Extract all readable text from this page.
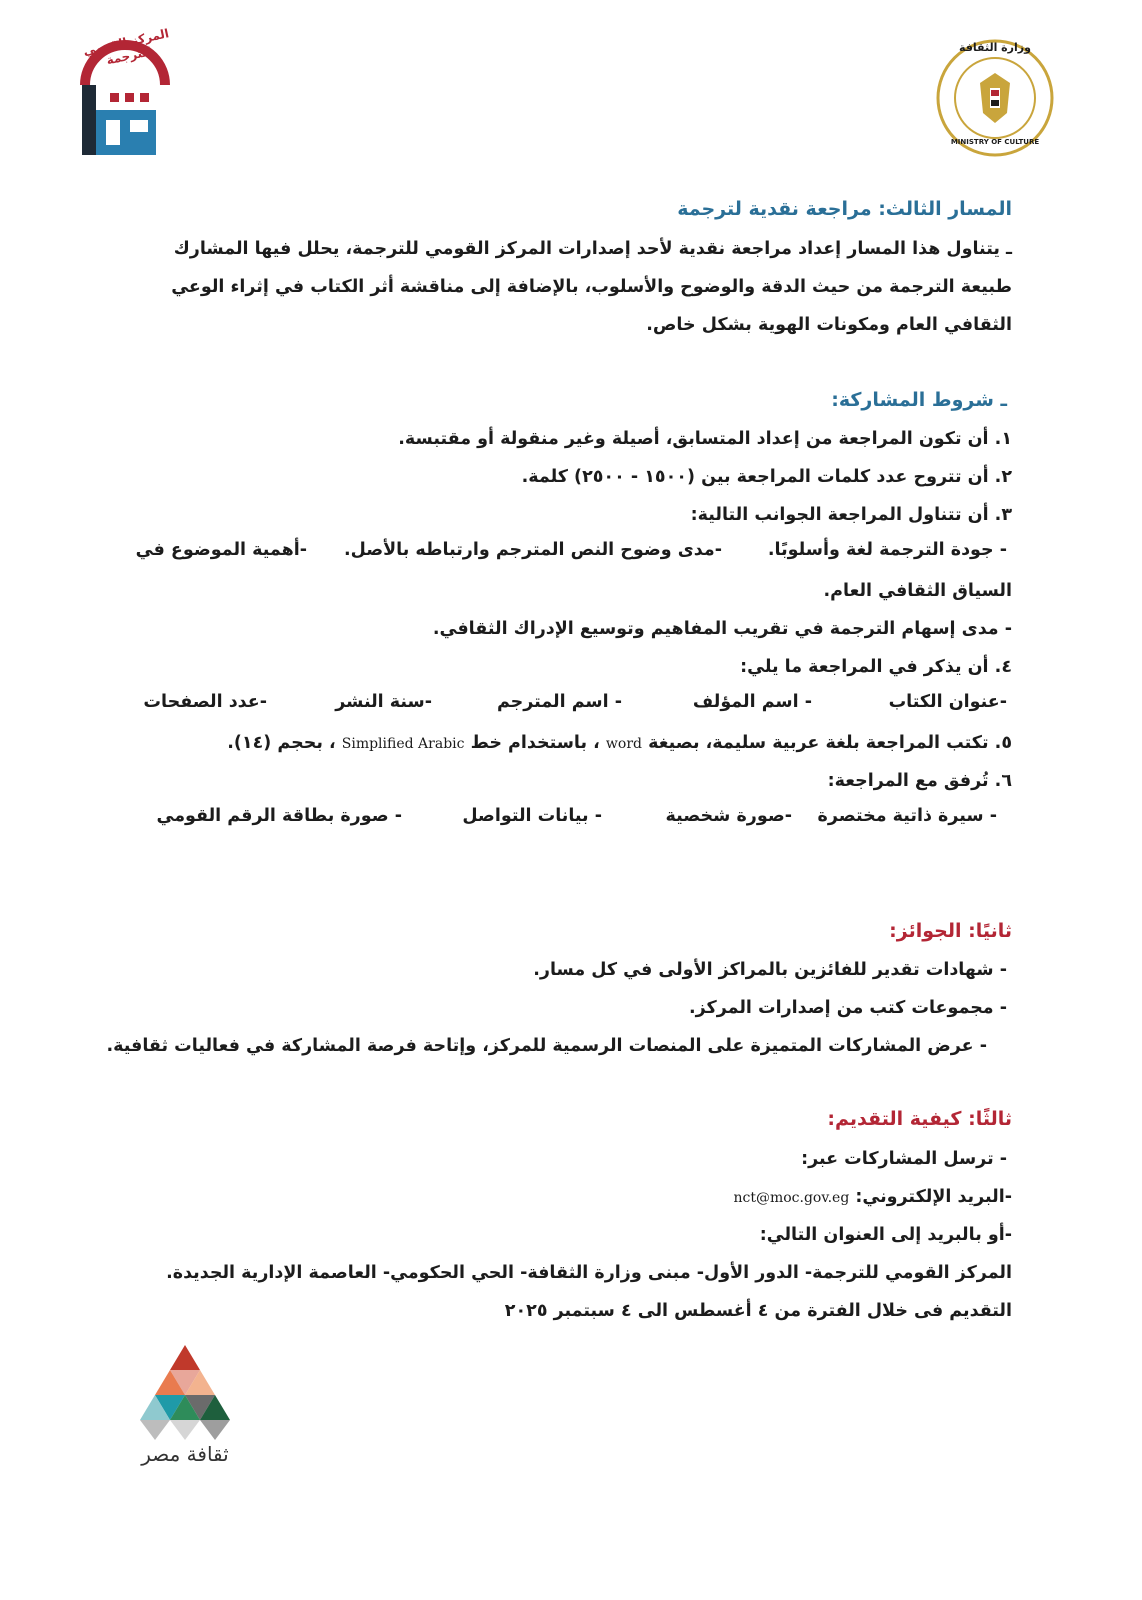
المركز القومي للترجمة	وزارة الثقافة
MINISTRY OF CULTURE
المسار الثالث: مراجعة نقدية لترجمة
ـ يتناول هذا المسار إعداد مراجعة نقدية لأحد إصدارات المركز القومي للترجمة، يحلل فيها المشارك
طبيعة الترجمة من حيث الدقة والوضوح والأسلوب، بالإضافة إلى مناقشة أثر الكتاب في إثراء الوعي
الثقافي العام ومكونات الهوية بشكل خاص.
ـ شروط المشاركة:
١. أن تكون المراجعة من إعداد المتسابق، أصيلة وغير منقولة أو مقتبسة.
٢. أن تتروح عدد كلمات المراجعة بين (١٥٠٠ - ٢٥٠٠) كلمة.
٣. أن تتناول المراجعة الجوانب التالية:
- جودة الترجمة لغة وأسلوبًا.
-مدى وضوح النص المترجم وارتباطه بالأصل.
-أهمية الموضوع في
السياق الثقافي العام.
- مدى إسهام الترجمة في تقريب المفاهيم وتوسيع الإدراك الثقافي.
٤. أن يذكر في المراجعة ما يلي:
-عنوان الكتاب
- اسم المؤلف
- اسم المترجم
-سنة النشر
-عدد الصفحات
٥. تكتب المراجعة بلغة عربية سليمة، بصيغة word ، باستخدام خط Simplified Arabic ، بحجم (١٤).
٦. تُرفق مع المراجعة:
- سيرة ذاتية مختصرة
-صورة شخصية
- بيانات التواصل
- صورة بطاقة الرقم القومي
ثانيًا: الجوائز:
- شهادات تقدير للفائزين بالمراكز الأولى في كل مسار.
- مجموعات كتب من إصدارات المركز.
- عرض المشاركات المتميزة على المنصات الرسمية للمركز، وإتاحة فرصة المشاركة في فعاليات ثقافية.
ثالثًا: كيفية التقديم:
- ترسل المشاركات عبر:
-البريد الإلكتروني: nct@moc.gov.eg
-أو بالبريد إلى العنوان التالي:
المركز القومي للترجمة- الدور الأول- مبنى وزارة الثقافة- الحي الحكومي- العاصمة الإدارية الجديدة.
التقديم فى خلال الفترة من ٤ أغسطس الى ٤ سبتمبر ٢٠٢٥
ثقافة مصر
